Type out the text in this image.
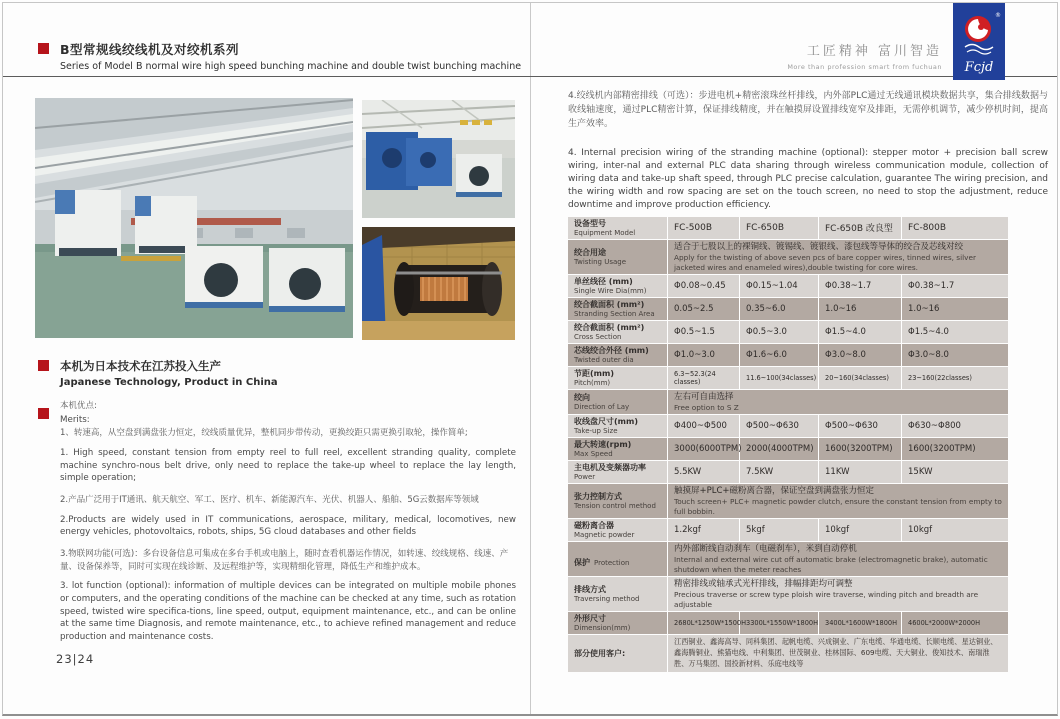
B型常规线绞线机及对绞机系列
Series of Model B normal wire high speed bunching machine and double twist bunching machine
工匠精神 富川智造
More than profession smart from fuchuan
®
Fcjd
本机为日本技术在江苏投入生产
Japanese Technology, Product in China

本机优点:

Merits:

1、转速高，从空盘到满盘张力恒定，绞线质量优异，整机同步带传动，更换绞距只需更换引取轮，操作简单;

1. High speed, constant tension from empty reel to full reel, excellent stranding quality, complete machine synchro-nous belt drive, only need to replace the take-up wheel to replace the lay length, simple operation;

2.产品广泛用于IT通讯、航天航空、军工、医疗、机车、新能源汽车、光伏、机器人、船舶、5G云数据库等领域

2.Products are widely used in IT communications, aerospace, military, medical, locomotives, new energy vehicles, photovoltaics, robots, ships, 5G cloud databases and other fields

3.物联网功能(可选)：多台设备信息可集成在多台手机或电脑上，随时查看机器运作情况，如转速、绞线规格、线速、产量、设备保养等，同时可实现在线诊断、及远程维护等，实现精细化管理，降低生产和维护成本。

3. lot function (optional): information of multiple devices can be integrated on multiple mobile phones or computers, and the operating conditions of the machine can be checked at any time, such as rotation speed, twisted wire specifica-tions, line speed, output, equipment maintenance, etc., and can be online at the same time Diagnosis, and remote maintenance, etc., to achieve refined management and reduce production and maintenance costs.

23|24
4.绞线机内部精密排线（可选）：步进电机+精密滚珠丝杆排线，内外部PLC通过无线通讯模块数据共享，集合排线数据与收线轴速度，通过PLC精密计算，保证排线精度，并在触摸屏设置排线宽窄及排距，无需停机调节，减少停机时间，提高生产效率。
4. Internal precision wiring of the stranding machine (optional): stepper motor + precision ball screw wiring, inter-nal and external PLC data sharing through wireless communication module, collection of wiring data and take-up shaft speed, through PLC precise calculation, guarantee The wiring precision, and the wiring width and row spacing are set on the touch screen, no need to stop the adjustment, reduce downtime and improve production efficiency.
设备型号
Equipment Model	FC-500B	FC-650B	FC-650B 改良型	FC-800B

绞合用途
Twisting Usage

适合于七股以上的裸铜线、镀锡线、镀银线、漆包线等导体的绞合及芯线对绞
Apply for the twisting of above seven pcs of bare copper wires, tinned wires, silver jacketed wires and enameled wires),double twisting for core wires.

单丝线径 (mm)
Single Wire Dia(mm)	Φ0.08~0.45	Φ0.15~1.04	Φ0.38~1.7	Φ0.38~1.7

绞合截面积 (mm²)
Stranding Section Area	0.05~2.5	0.35~6.0	1.0~16	1.0~16

绞合截面积 (mm²)
Cross Section	Φ0.5~1.5	Φ0.5~3.0	Φ1.5~4.0	Φ1.5~4.0

芯线绞合外径 (mm)
Twisted outer dia	Φ1.0~3.0	Φ1.6~6.0	Φ3.0~8.0	Φ3.0~8.0

节距(mm)
Pitch(mm)	6.3~52.3(24 classes)	11.6~100(34classes)	20~160(34classes)	23~160(22classes)

绞向
Direction of Lay

左右可自由选择
Free option to S Z

收线盘尺寸(mm)
Take-up Size	Φ400~Φ500	Φ500~Φ630	Φ500~Φ630	Φ630~Φ800

最大转速(rpm)
Max Speed	3000(6000TPM)	2000(4000TPM)	1600(3200TPM)	1600(3200TPM)

主电机及变频器功率
Power	5.5KW	7.5KW	11KW	15KW

张力控制方式
Tension control method

触摸屏+PLC+磁粉离合器，保证空盘到满盘张力恒定
Touch screen+ PLC+ magnetic powder clutch, ensure the constant tension from empty to full bobbin.

磁粉离合器
Magnetic powder	1.2kgf	5kgf	10kgf	10kgf
保护 Protection	
内外部断线自动刹车（电磁刹车），米到自动停机
Internal and external wire cut off automatic brake (electromagnetic brake), automatic shutdown when the meter reaches

排线方式
Traversing method

精密排线或轴承式光杆排线，排幅排距均可调整
Precious traverse or screw type ploish wire traverse, winding pitch and breadth are adjustable

外形尺寸
Dimension(mm)	2680L*1250W*1500H	3300L*1550W*1800H	3400L*1600W*1800H	4600L*2000W*2000H

部分使用客户:	江西铜业、鑫海高导、同科集团、起帆电缆、兴成铜业、广东电缆、华通电缆、长顺电缆、星达铜业、鑫海腾铜业、熊猫电线、中利集团、世茂铜业、桂林国际、609电缆、天大铜业、俊知技术、南瑞淮胜、万马集团、国投新材料、乐庭电线等			
